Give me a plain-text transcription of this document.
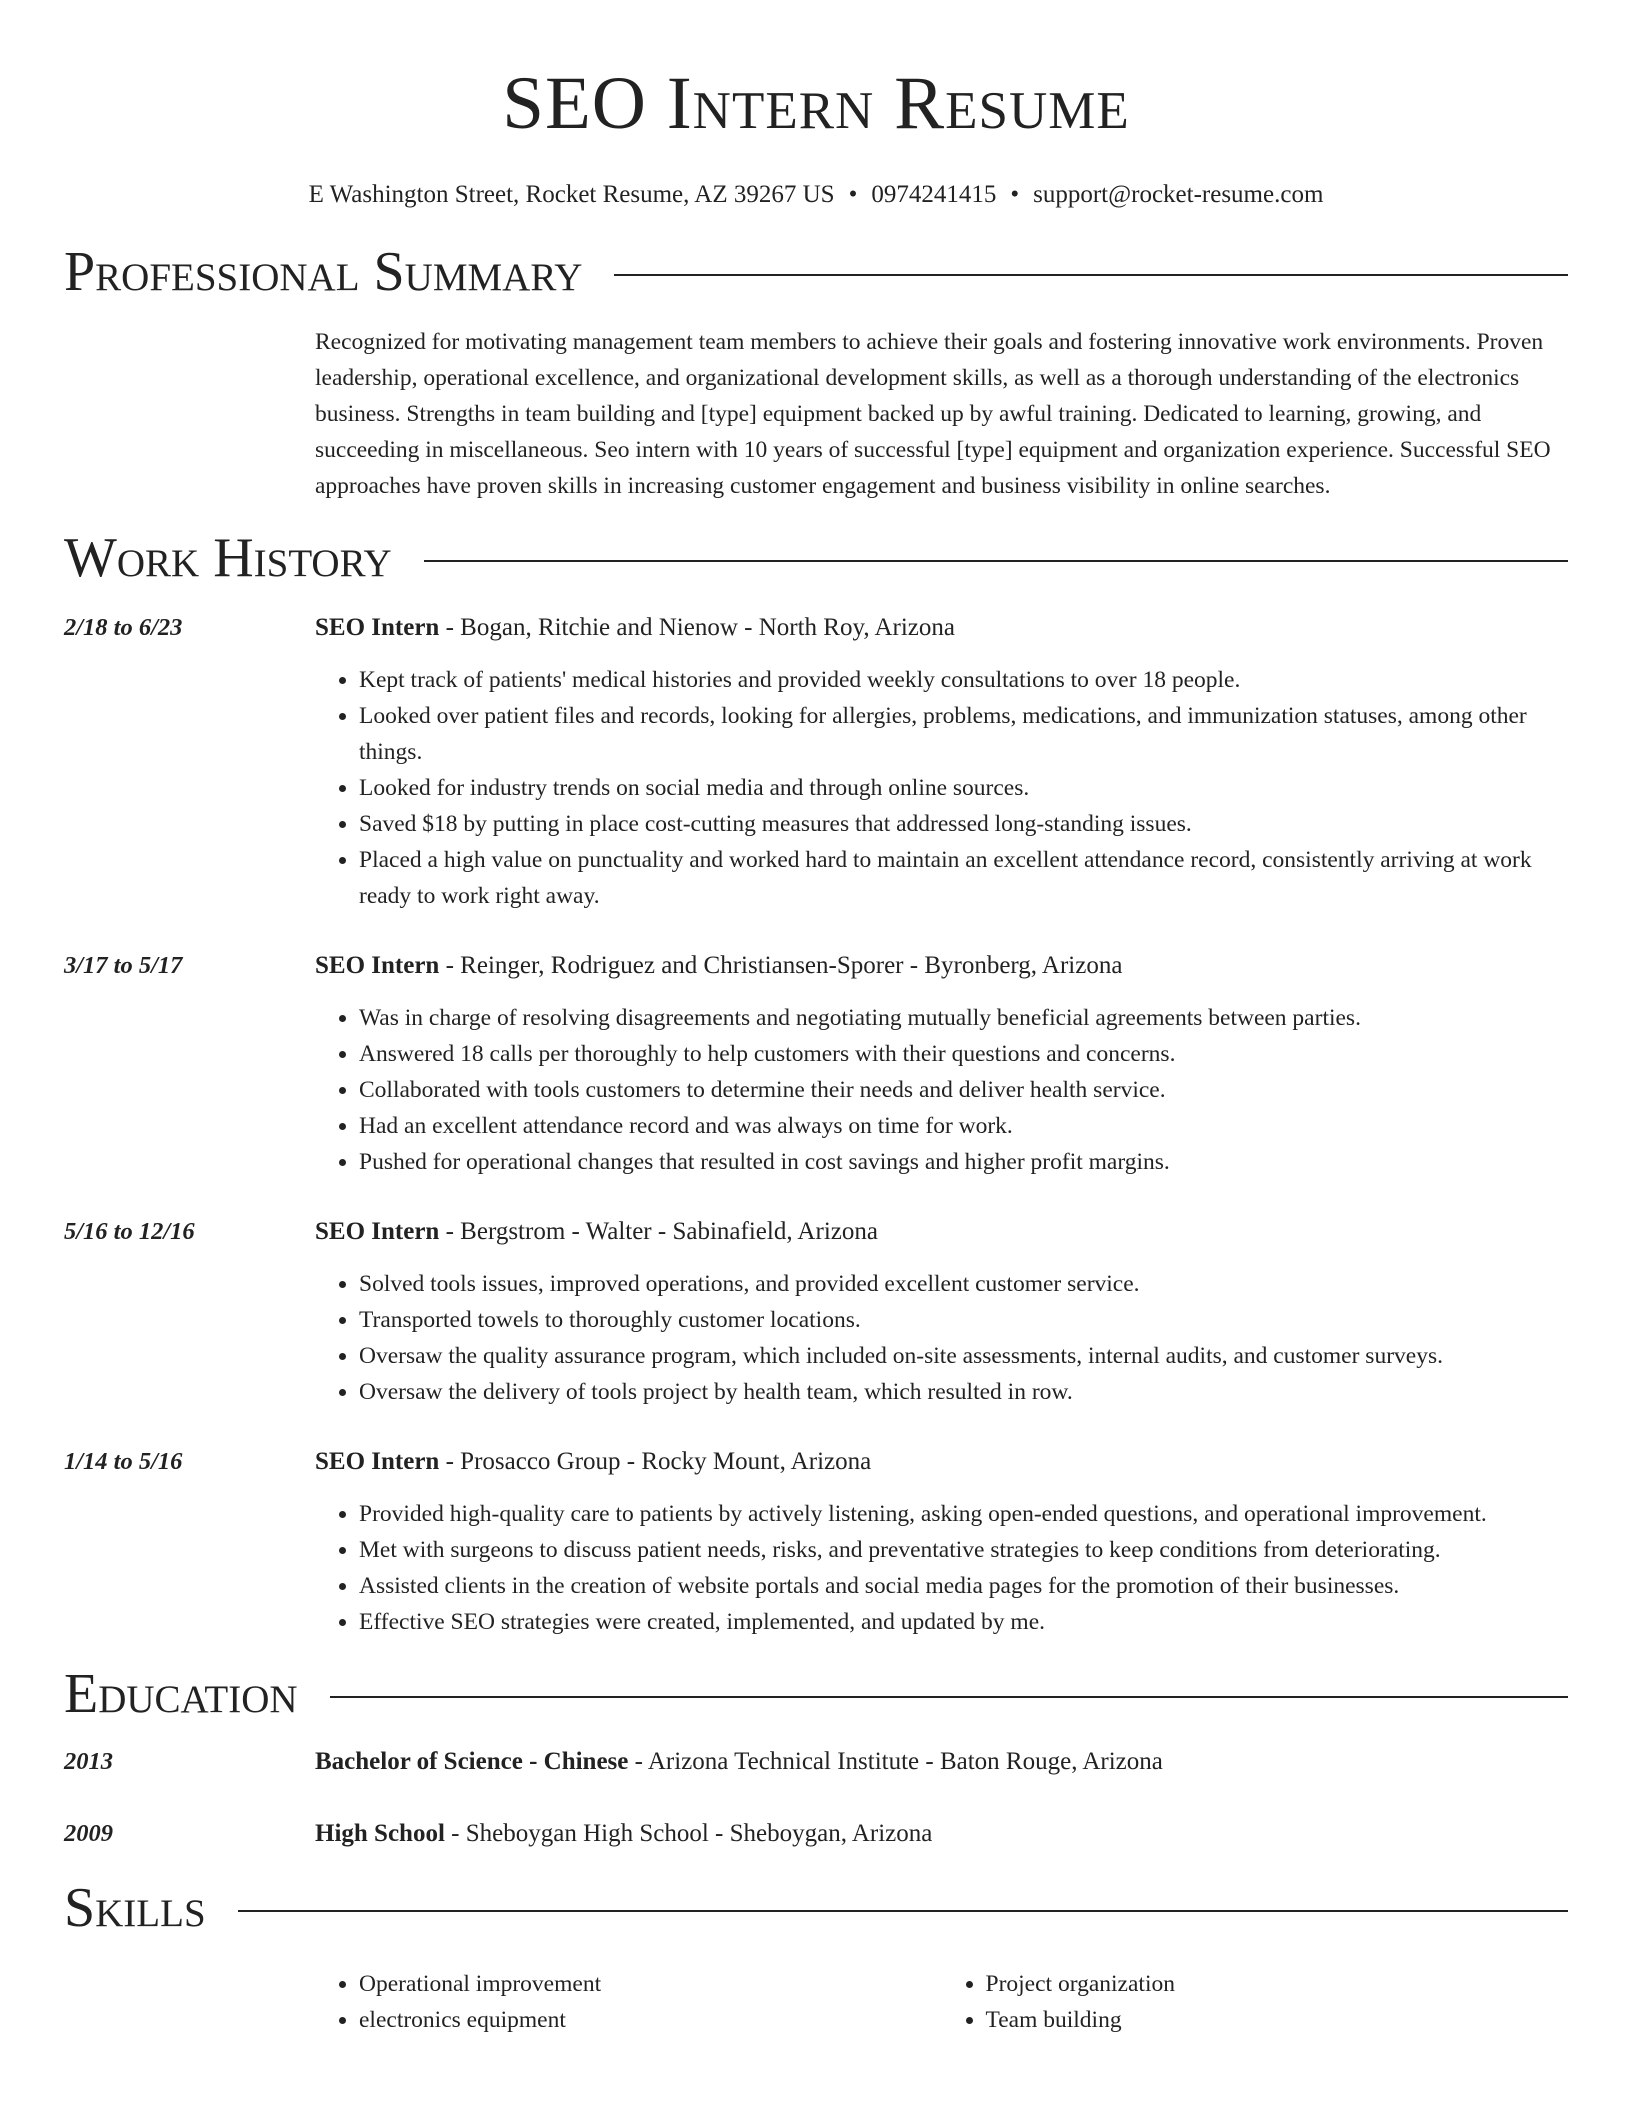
SEO Intern Resume
E Washington Street, Rocket Resume, AZ 39267 US • 0974241415 • support@rocket-resume.com
Professional Summary
Recognized for motivating management team members to achieve their goals and fostering innovative work environments. Proven leadership, operational excellence, and organizational development skills, as well as a thorough understanding of the electronics business. Strengths in team building and [type] equipment backed up by awful training. Dedicated to learning, growing, and succeeding in miscellaneous. Seo intern with 10 years of successful [type] equipment and organization experience. Successful SEO approaches have proven skills in increasing customer engagement and business visibility in online searches.
Work History
2/18 to 6/23	SEO Intern - Bogan, Ritchie and Nienow - North Roy, Arizona
• Kept track of patients' medical histories and provided weekly consultations to over 18 people.
• Looked over patient files and records, looking for allergies, problems, medications, and immunization statuses, among other things.
• Looked for industry trends on social media and through online sources.
• Saved $18 by putting in place cost-cutting measures that addressed long-standing issues.
• Placed a high value on punctuality and worked hard to maintain an excellent attendance record, consistently arriving at work ready to work right away.
3/17 to 5/17	SEO Intern - Reinger, Rodriguez and Christiansen-Sporer - Byronberg, Arizona
• Was in charge of resolving disagreements and negotiating mutually beneficial agreements between parties.
• Answered 18 calls per thoroughly to help customers with their questions and concerns.
• Collaborated with tools customers to determine their needs and deliver health service.
• Had an excellent attendance record and was always on time for work.
• Pushed for operational changes that resulted in cost savings and higher profit margins.
5/16 to 12/16	SEO Intern - Bergstrom - Walter - Sabinafield, Arizona
• Solved tools issues, improved operations, and provided excellent customer service.
• Transported towels to thoroughly customer locations.
• Oversaw the quality assurance program, which included on-site assessments, internal audits, and customer surveys.
• Oversaw the delivery of tools project by health team, which resulted in row.
1/14 to 5/16	SEO Intern - Prosacco Group - Rocky Mount, Arizona
• Provided high-quality care to patients by actively listening, asking open-ended questions, and operational improvement.
• Met with surgeons to discuss patient needs, risks, and preventative strategies to keep conditions from deteriorating.
• Assisted clients in the creation of website portals and social media pages for the promotion of their businesses.
• Effective SEO strategies were created, implemented, and updated by me.
Education
2013	Bachelor of Science - Chinese - Arizona Technical Institute - Baton Rouge, Arizona
2009	High School - Sheboygan High School - Sheboygan, Arizona
Skills
• Operational improvement
• electronics equipment
• Project organization
• Team building
